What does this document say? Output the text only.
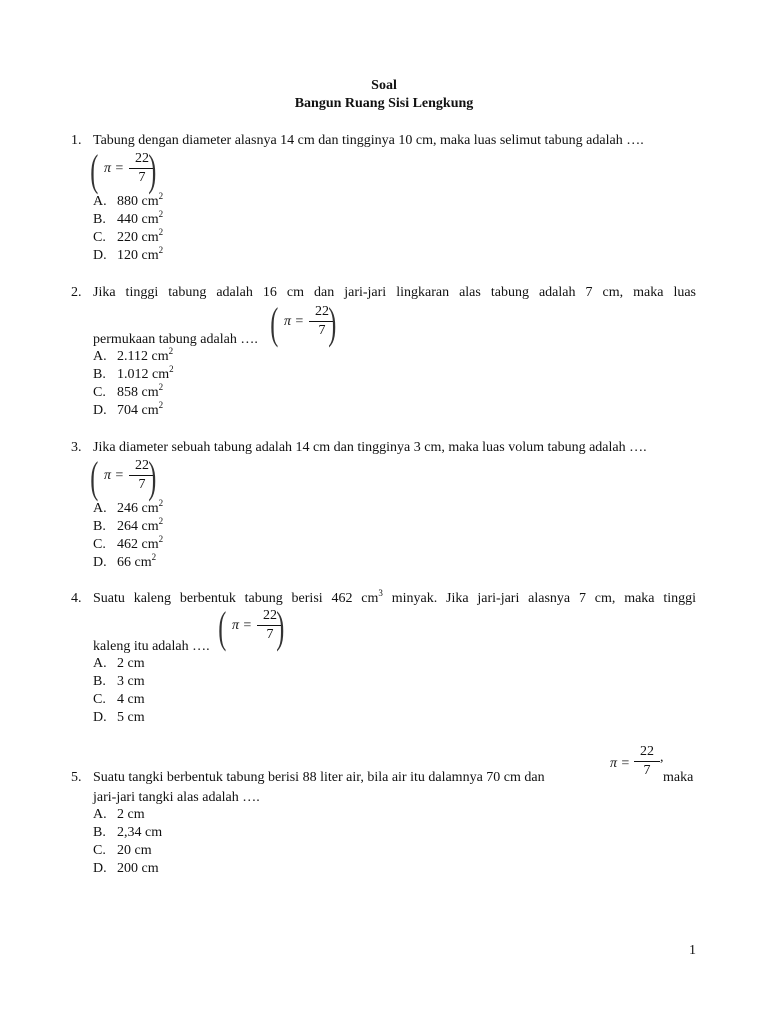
Soal
Bangun Ruang Sisi Lengkung
1. Tabung dengan diameter alasnya 14 cm dan tingginya 10 cm, maka luas selimut tabung adalah ….
( π =
22
7 )
A. 880 $cm^2$
B. 440 $cm^2$
C. 220 $cm^2$
D. 120 $cm^2$
2. Jika tinggi tabung adalah 16 cm dan jari-jari lingkaran alas tabung adalah 7 cm, maka luas
permukaan tabung adalah …. ( π =
22
7 )
A. 2.112 $cm^2$
B. 1.012 $cm^2$
C. 858 $cm^2$
D. 704 $cm^2$
3. Jika diameter sebuah tabung adalah 14 cm dan tingginya 3 cm, maka luas volum tabung adalah ….
( π =
22
7 )
A. 246 $cm^2$
B. 264 $cm^2$
C. 462 $cm^2$
D. 66 $cm^2$
4. Suatu kaleng berbentuk tabung berisi 462 $cm^3$ minyak. Jika jari-jari alasnya 7 cm, maka tinggi
kaleng itu adalah …. ( π =
22
7 )
A. 2 cm
B. 3 cm
C. 4 cm
D. 5 cm
5. Suatu tangki berbentuk tabung berisi 88 liter air, bila air itu dalamnya 70 cm dan
π =
22
7
,
maka
jari-jari tangki alas adalah ….
A. 2 cm
B. 2,34 cm
C. 20 cm
D. 200 cm
1
